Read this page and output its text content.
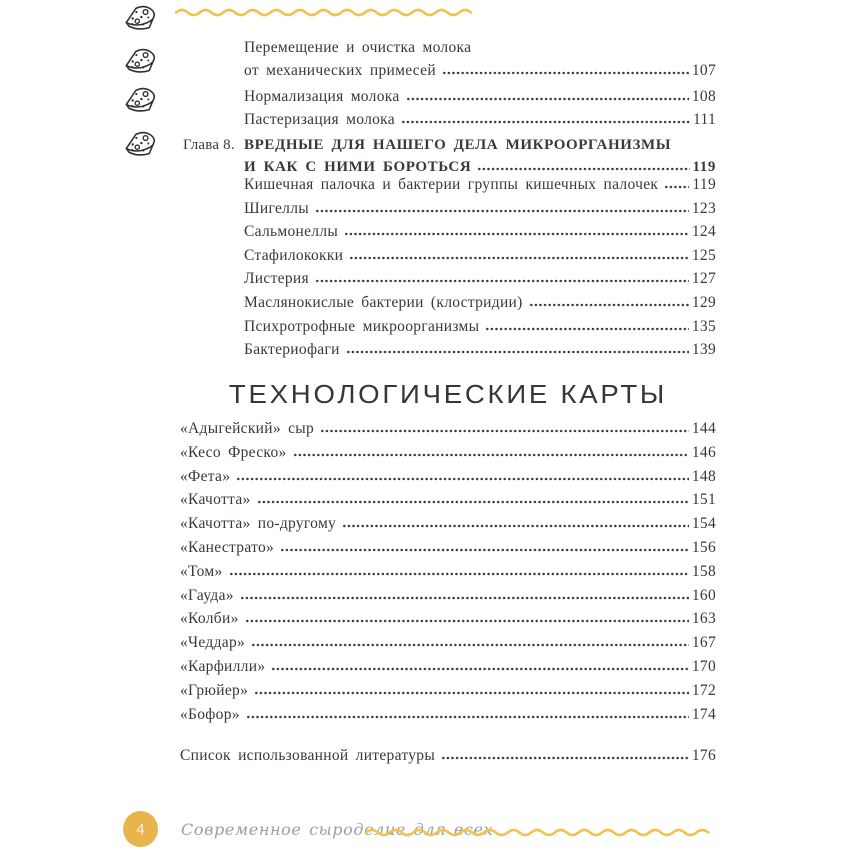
Перемещение и очистка молока
от механических примесей	107
Нормализация молока	108
Пастеризация молока	111
Глава 8. ВРЕДНЫЕ ДЛЯ НАШЕГО ДЕЛА МИКРООРГАНИЗМЫ
И КАК С НИМИ БОРОТЬСЯ	119
Кишечная палочка и бактерии группы кишечных палочек 119
Шигеллы	123
Сальмонеллы	124
Стафилококки	125
Листерия	127
Маслянокислые бактерии (клостридии)	129
Психротрофные микроорганизмы	135
Бактериофаги	139
ТЕХНОЛОГИЧЕСКИЕ КАРТЫ
«Адыгейский» сыр	144
«Кесо Фреско»	146
«Фета»	148
«Качотта»	151
«Качотта» по-другому	154
«Канестрато»	156
«Том»	158
«Гауда»	160
«Колби»	163
«Чеддар»	167
«Карфилли»	170
«Грюйер»	172
«Бофор»	174
Список использованной литературы	176
4 Современное сыроделие для всех
